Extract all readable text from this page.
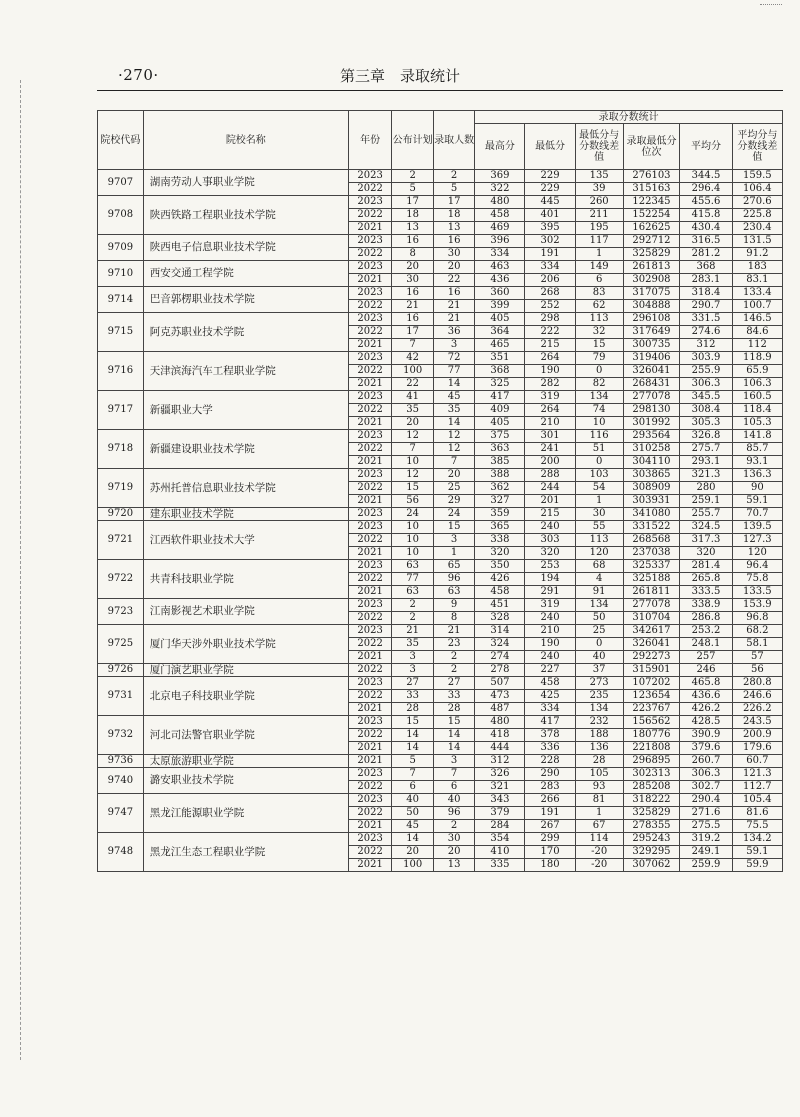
·270·	第三章　录取统计
院校代码	院校名称	年份	公布计划	录取人数	录取分数统计					
					最高分	最低分	最低分与分数线差值	录取最低分位次	平均分	平均分与分数线差值
9707	湖南劳动人事职业学院	2023	2	2	369	229	135	276103	344.5	159.5
		2022	5	5	322	229	39	315163	296.4	106.4
9708	陕西铁路工程职业技术学院	2023	17	17	480	445	260	122345	455.6	270.6
		2022	18	18	458	401	211	152254	415.8	225.8
		2021	13	13	469	395	195	162625	430.4	230.4
9709	陕西电子信息职业技术学院	2023	16	16	396	302	117	292712	316.5	131.5
		2022	8	30	334	191	1	325829	281.2	91.2
9710	西安交通工程学院	2023	20	20	463	334	149	261813	368	183
		2021	30	22	436	206	6	302908	283.1	83.1
9714	巴音郭楞职业技术学院	2023	16	16	360	268	83	317075	318.4	133.4
		2022	21	21	399	252	62	304888	290.7	100.7
9715	阿克苏职业技术学院	2023	16	21	405	298	113	296108	331.5	146.5
		2022	17	36	364	222	32	317649	274.6	84.6
		2021	7	3	465	215	15	300735	312	112
9716	天津滨海汽车工程职业学院	2023	42	72	351	264	79	319406	303.9	118.9
		2022	100	77	368	190	0	326041	255.9	65.9
		2021	22	14	325	282	82	268431	306.3	106.3
9717	新疆职业大学	2023	41	45	417	319	134	277078	345.5	160.5
		2022	35	35	409	264	74	298130	308.4	118.4
		2021	20	14	405	210	10	301992	305.3	105.3
9718	新疆建设职业技术学院	2023	12	12	375	301	116	293564	326.8	141.8
		2022	7	12	363	241	51	310258	275.7	85.7
		2021	10	7	385	200	0	304110	293.1	93.1
9719	苏州托普信息职业技术学院	2023	12	20	388	288	103	303865	321.3	136.3
		2022	15	25	362	244	54	308909	280	90
		2021	56	29	327	201	1	303931	259.1	59.1
9720	建东职业技术学院	2023	24	24	359	215	30	341080	255.7	70.7
9721	江西软件职业技术大学	2023	10	15	365	240	55	331522	324.5	139.5
		2022	10	3	338	303	113	268568	317.3	127.3
		2021	10	1	320	320	120	237038	320	120
9722	共青科技职业学院	2023	63	65	350	253	68	325337	281.4	96.4
		2022	77	96	426	194	4	325188	265.8	75.8
		2021	63	63	458	291	91	261811	333.5	133.5
9723	江南影视艺术职业学院	2023	2	9	451	319	134	277078	338.9	153.9
		2022	2	8	328	240	50	310704	286.8	96.8
9725	厦门华天涉外职业技术学院	2023	21	21	314	210	25	342617	253.2	68.2
		2022	35	23	324	190	0	326041	248.1	58.1
		2021	3	2	274	240	40	292273	257	57
9726	厦门演艺职业学院	2022	3	2	278	227	37	315901	246	56
9731	北京电子科技职业学院	2023	27	27	507	458	273	107202	465.8	280.8
		2022	33	33	473	425	235	123654	436.6	246.6
		2021	28	28	487	334	134	223767	426.2	226.2
9732	河北司法警官职业学院	2023	15	15	480	417	232	156562	428.5	243.5
		2022	14	14	418	378	188	180776	390.9	200.9
		2021	14	14	444	336	136	221808	379.6	179.6
9736	太原旅游职业学院	2021	5	3	312	228	28	296895	260.7	60.7
9740	潞安职业技术学院	2023	7	7	326	290	105	302313	306.3	121.3
		2022	6	6	321	283	93	285208	302.7	112.7
9747	黑龙江能源职业学院	2023	40	40	343	266	81	318222	290.4	105.4
		2022	50	96	379	191	1	325829	271.6	81.6
		2021	45	2	284	267	67	278355	275.5	75.5
9748	黑龙江生态工程职业学院	2023	14	30	354	299	114	295243	319.2	134.2
		2022	20	20	410	170	-20	329295	249.1	59.1
		2021	100	13	335	180	-20	307062	259.9	59.9
